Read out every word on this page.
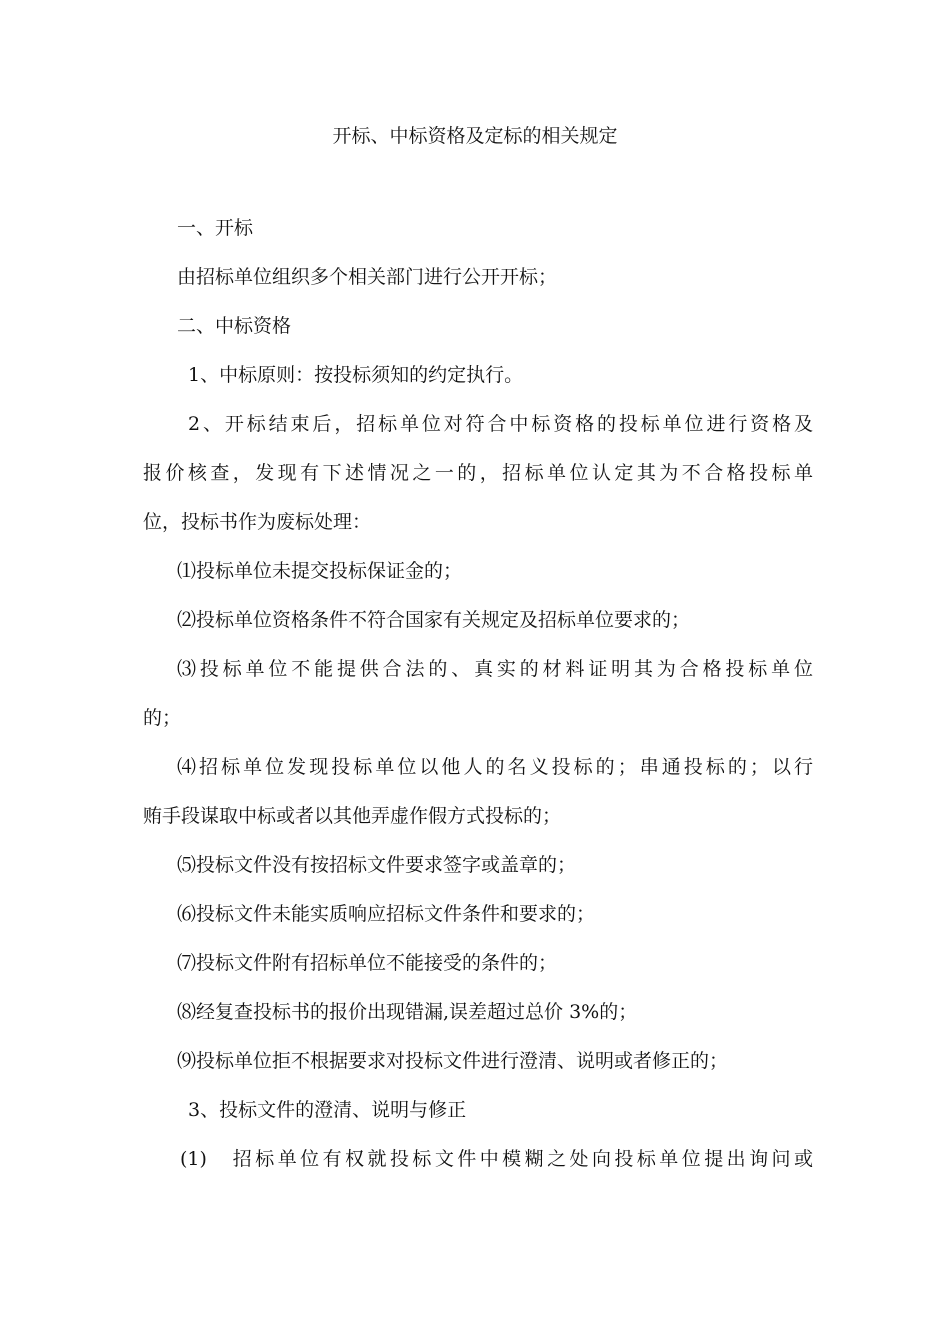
开标、中标资格及定标的相关规定
一、开标
由招标单位组织多个相关部门进行公开开标；
二、中标资格
1、中标原则：按投标须知的约定执行。
2、开标结束后，招标单位对符合中标资格的投标单位进行资格及
报价核查，发现有下述情况之一的，招标单位认定其为不合格投标单
位，投标书作为废标处理：
⑴投标单位未提交投标保证金的；
⑵投标单位资格条件不符合国家有关规定及招标单位要求的；
⑶投标单位不能提供合法的、真实的材料证明其为合格投标单位
的；
⑷招标单位发现投标单位以他人的名义投标的；串通投标的；以行
贿手段谋取中标或者以其他弄虚作假方式投标的；
⑸投标文件没有按招标文件要求签字或盖章的；
⑹投标文件未能实质响应招标文件条件和要求的；
⑺投标文件附有招标单位不能接受的条件的；
⑻经复查投标书的报价出现错漏,误差超过总价 3%的；
⑼投标单位拒不根据要求对投标文件进行澄清、说明或者修正的；
3、投标文件的澄清、说明与修正
(1)　招标单位有权就投标文件中模糊之处向投标单位提出询问或
